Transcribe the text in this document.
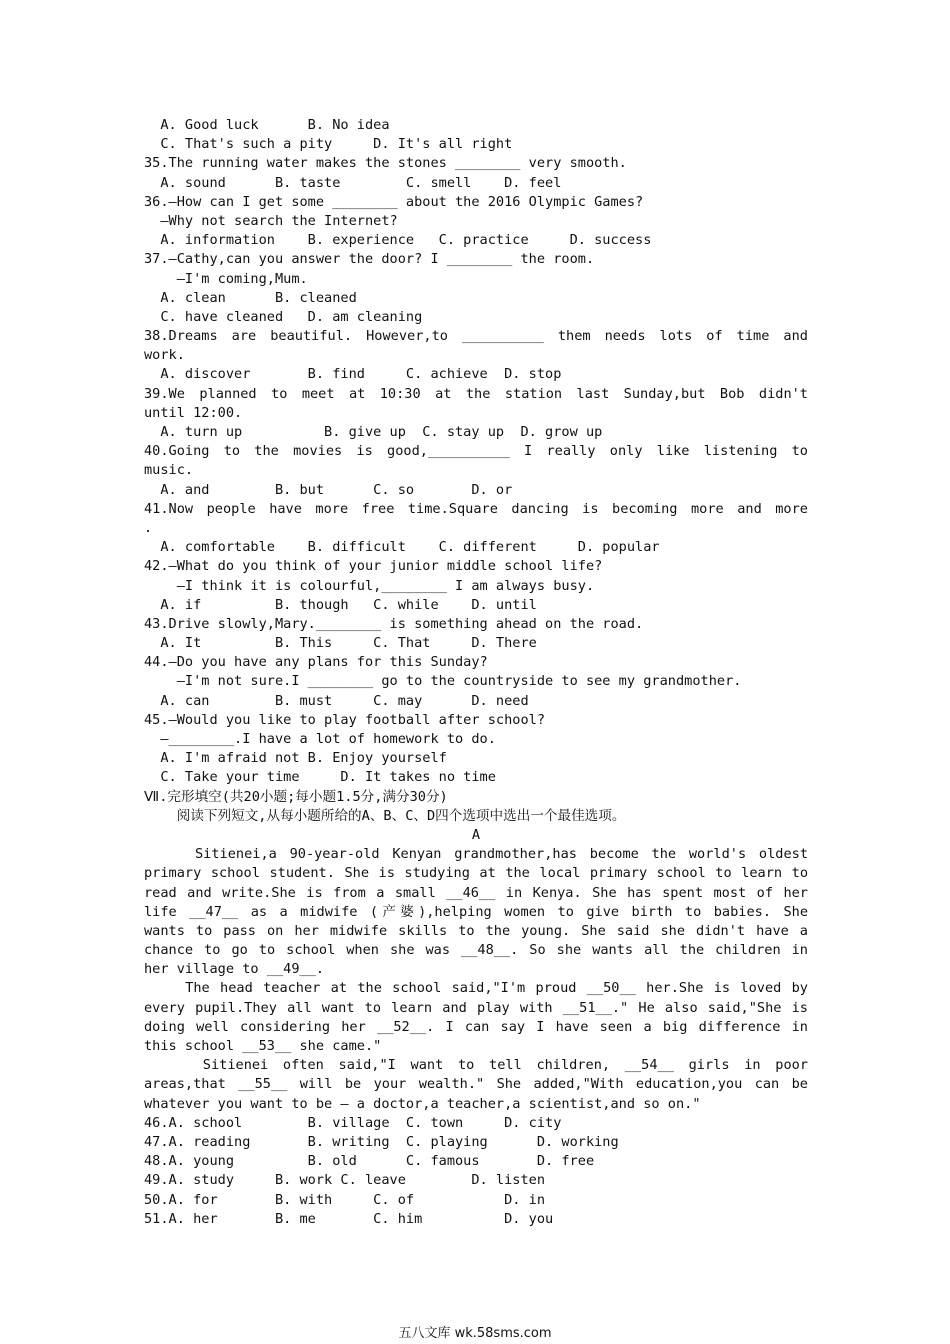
A. Good luck      B. No idea
C. That's such a pity     D. It's all right
35.The running water makes the stones ________ very smooth.
A. sound      B. taste        C. smell    D. feel
36.—How can I get some ________ about the 2016 Olympic Games?
—Why not search the Internet?
A. information    B. experience   C. practice     D. success
37.—Cathy,can you answer the door? I ________ the room.
—I'm coming,Mum.
A. clean      B. cleaned
C. have cleaned   D. am cleaning
38.Dreams are beautiful. However,to __________ them needs lots of time and
work.
A. discover       B. find     C. achieve  D. stop
39.We planned to meet at 10:30 at the station last Sunday,but Bob didn't
until 12:00.
A. turn up          B. give up  C. stay up  D. grow up
40.Going to the movies is good,__________ I really only like listening to
music.
A. and        B. but      C. so       D. or
41.Now people have more free time.Square dancing is becoming more and more
.
A. comfortable    B. difficult    C. different     D. popular
42.—What do you think of your junior middle school life?
—I think it is colourful,________ I am always busy.
A. if         B. though   C. while    D. until
43.Drive slowly,Mary.________ is something ahead on the road.
A. It         B. This     C. That     D. There
44.—Do you have any plans for this Sunday?
—I'm not sure.I ________ go to the countryside to see my grandmother.
A. can        B. must     C. may      D. need
45.—Would you like to play football after school?
—________.I have a lot of homework to do.
A. I'm afraid not B. Enjoy yourself
C. Take your time     D. It takes no time
Ⅶ.完形填空(共20小题;每小题1.5分,满分30分)
阅读下列短文,从每小题所给的A、B、C、D四个选项中选出一个最佳选项。
A
Sitienei,a 90-year-old Kenyan grandmother,has become the world's oldest
primary school student. She is studying at the local primary school to learn to
read and write.She is from a small __46__ in Kenya. She has spent most of her
life __47__ as a midwife (产婆),helping women to give birth to babies. She
wants to pass on her midwife skills to the young. She said she didn't have a
chance to go to school when she was __48__. So she wants all the children in
her village to __49__.
The head teacher at the school said,"I'm proud __50__ her.She is loved by
every pupil.They all want to learn and play with __51__." He also said,"She is
doing well considering her __52__. I can say I have seen a big difference in
this school __53__ she came."
Sitienei often said,"I want to tell children, __54__ girls in poor
areas,that __55__ will be your wealth." She added,"With education,you can be
whatever you want to be — a doctor,a teacher,a scientist,and so on."
46.A. school        B. village  C. town     D. city
47.A. reading       B. writing  C. playing      D. working
48.A. young         B. old      C. famous       D. free
49.A. study     B. work C. leave        D. listen
50.A. for       B. with     C. of           D. in
51.A. her       B. me       C. him          D. you
五八文库 wk.58sms.com
